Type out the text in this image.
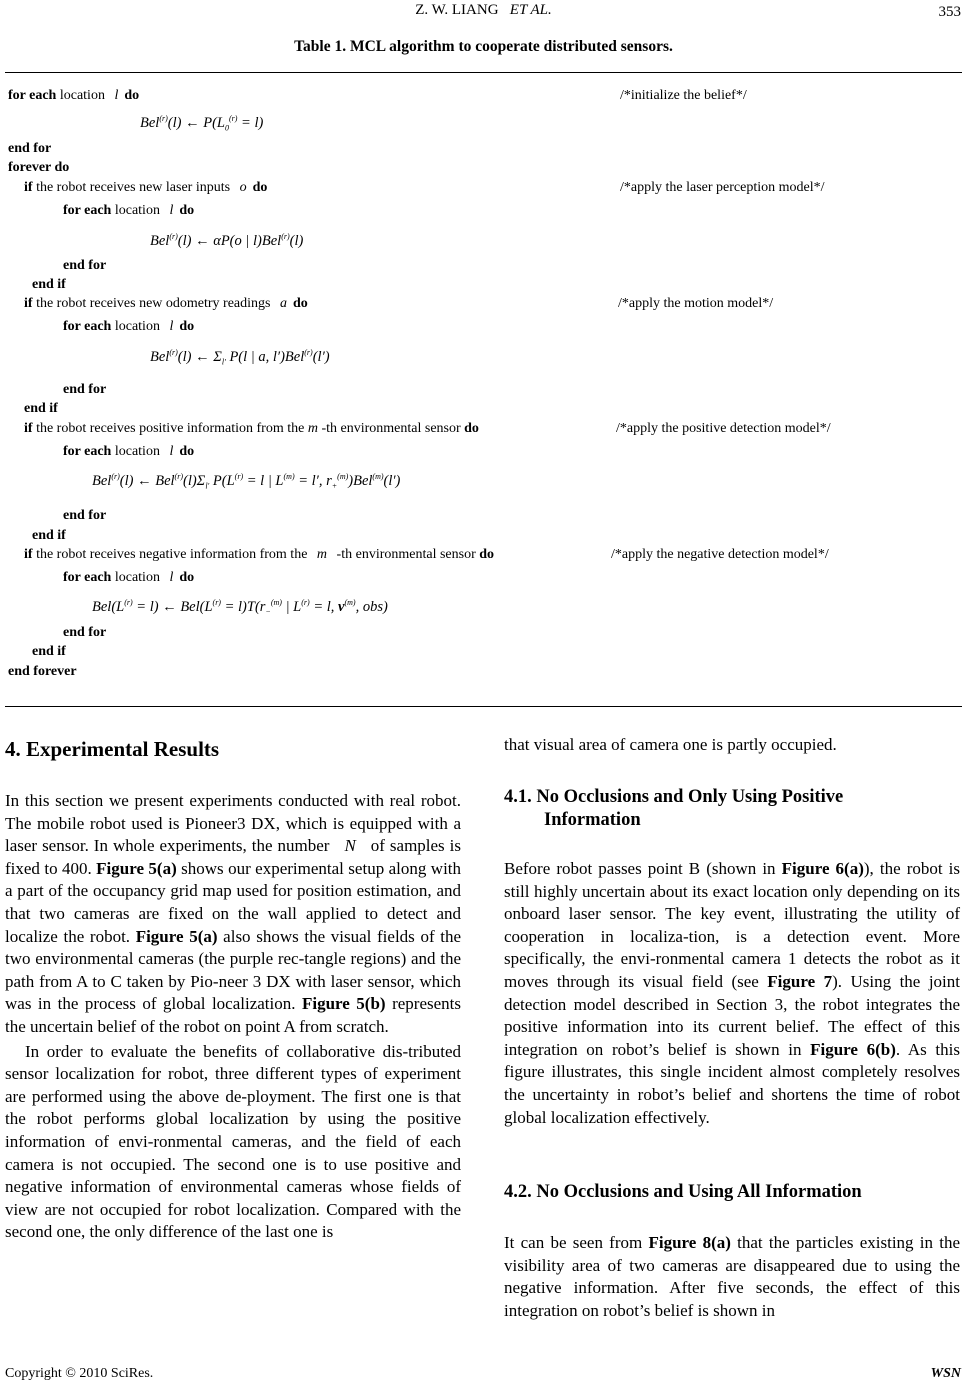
Z. W. LIANG ET AL.	353
Table 1. MCL algorithm to cooperate distributed sensors.
for each location l do
Bel$^{(r)}$(l) ← $P(L_0^{(r)} = l)$
end for
forever do
if the robot receives new laser inputs o do
for each location l do
Bel$^{(r)}$(l) ← αP(o | l)Bel$^{(r)}$(l)
end for
end if
if the robot receives new odometry readings a do
for each location l do
Bel$^{(r)}$(l) ← $\Sigma_{l'}$ P(l | a, l′)Bel$^{(r)}$(l′)
end for
end if
if the robot receives positive information from the m -th environmental sensor do
for each location l do
Bel$^{(r)}$(l) ← $Bel^{(r)}(l)\Sigma_{l'}$ $P(L^{(r)} = l$ | $L^{(m)} = l'$, $r_+^{(m)})Bel^{(m)}(l')$
end for
end if
if the robot receives negative information from the m -th environmental sensor do
for each location l do
$Bel(L^{(r)} = l)$ ← $Bel(L^{(r)} = l)T(r_-^{(m)}$ | $L^{(r)} = l$, $v^{(m)}$, obs)
end for
end if
end forever
/*initialize the belief*/
/*apply the laser perception model*/
/*apply the motion model*/
/*apply the positive detection model*/
/*apply the negative detection model*/
4. Experimental Results

In this section we present experiments conducted with real robot. The mobile robot used is Pioneer3 DX, which is equipped with a laser sensor. In whole experiments, the number N of samples is fixed to 400. Figure 5(a) shows our experimental setup along with a part of the occupancy grid map used for position estimation, and that two cameras are fixed on the wall applied to detect and localize the robot. Figure 5(a) also shows the visual fields of the two environmental cameras (the purple rec-tangle regions) and the path from A to C taken by Pio-neer 3 DX with laser sensor, which was in the process of global localization. Figure 5(b) represents the uncertain belief of the robot on point A from scratch.

In order to evaluate the benefits of collaborative dis-tributed sensor localization for robot, three different types of experiment are performed using the above de-ployment. The first one is that the robot performs global localization by using the positive information of envi-ronmental cameras, and the field of each camera is not occupied. The second one is to use positive and negative information of environmental cameras whose fields of view are not occupied for robot localization. Compared with the second one, the only difference of the last one is

that visual area of camera one is partly occupied.

4.1. No Occlusions and Only Using Positive
Information

Before robot passes point B (shown in Figure 6(a)), the robot is still highly uncertain about its exact location only depending on its onboard laser sensor. The key event, illustrating the utility of cooperation in localiza-tion, is a detection event. More specifically, the envi-ronmental camera 1 detects the robot as it moves through its visual field (see Figure 7). Using the joint detection model described in Section 3, the robot integrates the positive information into its current belief. The effect of this integration on robot’s belief is shown in Figure 6(b). As this figure illustrates, this single incident almost completely resolves the uncertainty in robot’s belief and shortens the time of robot global localization effectively.

4.2. No Occlusions and Using All Information

It can be seen from Figure 8(a) that the particles existing in the visibility area of two cameras are disappeared due to using the negative information. After five seconds, the effect of this integration on robot’s belief is shown in

Copyright © 2010 SciRes.	WSN
